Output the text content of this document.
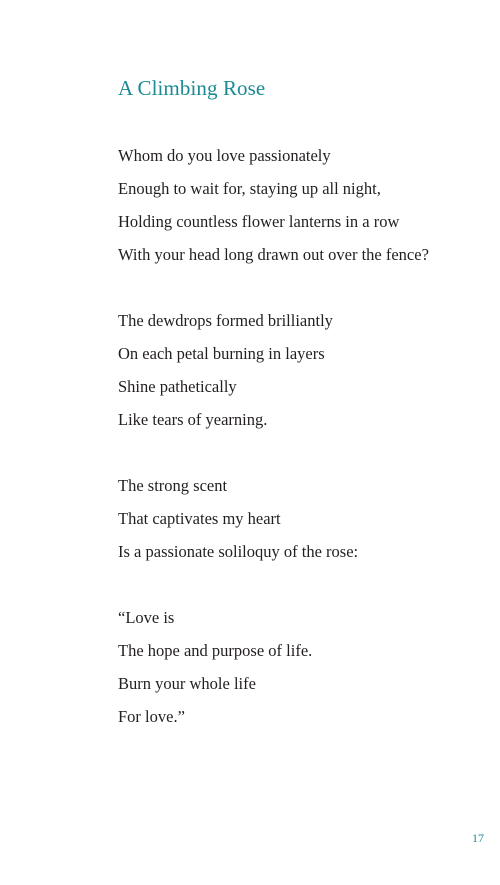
A Climbing Rose
Whom do you love passionately
Enough to wait for, staying up all night,
Holding countless flower lanterns in a row
With your head long drawn out over the fence?
The dewdrops formed brilliantly
On each petal burning in layers
Shine pathetically
Like tears of yearning.
The strong scent
That captivates my heart
Is a passionate soliloquy of the rose:
“Love is
The hope and purpose of life.
Burn your whole life
For love.”
17
